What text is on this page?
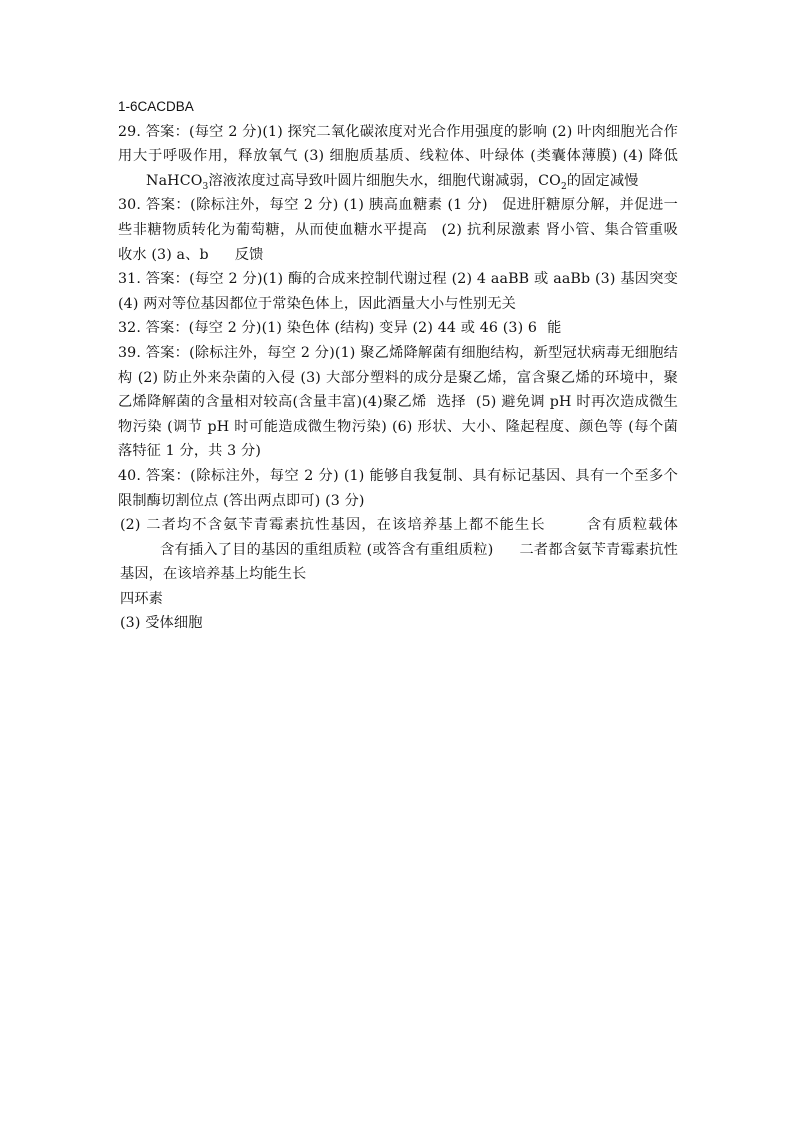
1-6CACDBA

29. 答案：(每空 2 分)(1) 探究二氧化碳浓度对光合作用强度的影响 (2) 叶肉细胞光合作用大于呼吸作用，释放氧气 (3) 细胞质基质、线粒体、叶绿体 (类囊体薄膜) (4) 降低NaHCO$_3$溶液浓度过高导致叶圆片细胞失水，细胞代谢减弱，$CO_2$的固定减慢

30. 答案：(除标注外，每空 2 分) (1) 胰高血糖素 (1 分) 促进肝糖原分解，并促进一些非糖物质转化为葡萄糖，从而使血糖水平提高 (2) 抗利尿激素 肾小管、集合管重吸收水 (3) a、b 反馈

31. 答案：(每空 2 分)(1) 酶的合成来控制代谢过程 (2) 4 aaBB 或 aaBb (3) 基因突变 (4) 两对等位基因都位于常染色体上，因此酒量大小与性别无关

32. 答案：(每空 2 分)(1) 染色体 (结构) 变异 (2) 44 或 46 (3) 6 能

39. 答案：(除标注外，每空 2 分)(1) 聚乙烯降解菌有细胞结构，新型冠状病毒无细胞结构 (2) 防止外来杂菌的入侵 (3) 大部分塑料的成分是聚乙烯，富含聚乙烯的环境中，聚乙烯降解菌的含量相对较高(含量丰富)(4)聚乙烯 选择 (5) 避免调 pH 时再次造成微生物污染 (调节 pH 时可能造成微生物污染) (6) 形状、大小、隆起程度、颜色等 (每个菌落特征 1 分，共 3 分)

40. 答案：(除标注外，每空 2 分) (1) 能够自我复制、具有标记基因、具有一个至多个限制酶切割位点 (答出两点即可) (3 分)

(2) 二者均不含氨苄青霉素抗性基因，在该培养基上都不能生长	含有质粒载体含有插入了目的基因的重组质粒 (或答含有重组质粒) 二者都含氨苄青霉素抗性基因，在该培养基上均能生长

四环素

(3) 受体细胞
